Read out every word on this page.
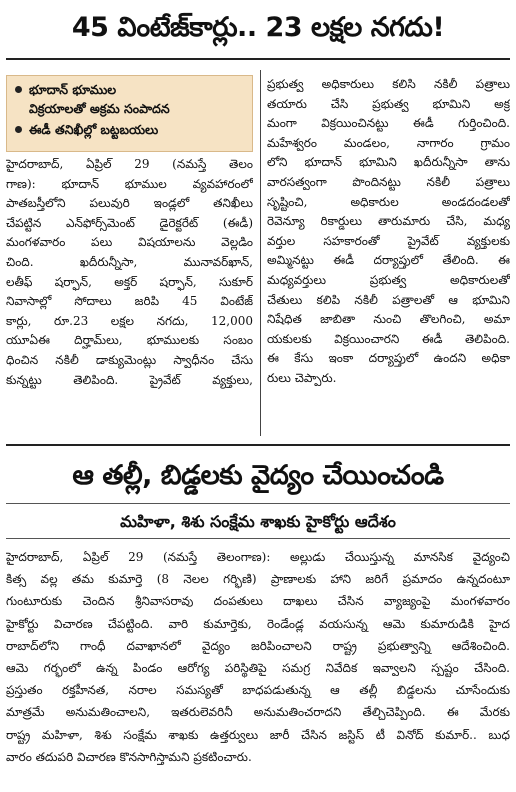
45 వింటేజ్‌కార్లు.. 23 లక్షల నగదు!
భూదాన్ భూముల
విక్రయాలతో అక్రమ సంపాదన
ఈడీ తనిఖీల్లో బట్టబయలు
హైదరాబాద్, ఏప్రిల్ 29 (నమస్తే తెలం
గాణ): భూదాన్ భూముల వ్యవహారంలో
పాతబస్తీలోని పలువురి ఇండ్లలో తనిఖీలు
చేపట్టిన ఎన్‌ఫోర్స్‌మెంట్ డైరెక్టరేట్ (ఈడీ)
మంగళవారం పలు విషయాలను వెల్లడిం
చింది. ఖదీరున్నీసా, మునావర్‌ఖాన్,
లతీఫ్ షర్ఫాన్, అక్తర్ షర్ఫాన్, సుకూర్
నివాసాల్లో సోదాలు జరిపి 45 వింటేజ్
కార్లు, రూ.23 లక్షల నగదు, 12,000
యూఏఈ దిర్హామ్‌లు, భూములకు సంబం
ధించిన నకిలీ డాక్యుమెంట్లు స్వాధీనం చేసు
కున్నట్టు తెలిపింది. ప్రైవేట్ వ్యక్తులు,
ప్రభుత్వ అధికారులు కలిసి నకిలీ పత్రాలు
తయారు చేసి ప్రభుత్వ భూమిని అక్ర
మంగా విక్రయించినట్టు ఈడీ గుర్తించింది.
మహేశ్వరం మండలం, నాగారం గ్రామం
లోని భూదాన్ భూమిని ఖదీరున్నీసా తాను
వారసత్వంగా పొందినట్టు నకిలీ పత్రాలు
సృష్టించి, అధికారుల అండదండలతో
రెవెన్యూ రికార్డులు తారుమారు చేసి, మధ్య
వర్తుల సహకారంతో ప్రైవేట్ వ్యక్తులకు
అమ్మినట్టు ఈడీ దర్యాప్తులో తేలింది. ఈ
మధ్యవర్తులు ప్రభుత్వ అధికారులతో
చేతులు కలిపి నకిలీ పత్రాలతో ఆ భూమిని
నిషేధిత జాబితా నుంచి తొలగించి, అమా
యకులకు విక్రయించారని ఈడీ తెలిపింది.
ఈ కేసు ఇంకా దర్యాప్తులో ఉందని అధికా
రులు చెప్పారు.
ఆ తల్లీ, బిడ్డలకు వైద్యం చేయించండి
మహిళా, శిశు సంక్షేమ శాఖకు హైకోర్టు ఆదేశం
హైదరాబాద్, ఏప్రిల్ 29 (నమస్తే తెలంగాణ): అల్లుడు చేయిస్తున్న మానసిక వైద్యంచి
కిత్స వల్ల తమ కుమార్తె (8 నెలల గర్భిణి) ప్రాణాలకు హాని జరిగే ప్రమాదం ఉన్నదంటూ
గుంటూరుకు చెందిన శ్రీనివాసరావు దంపతులు దాఖలు చేసిన వ్యాజ్యంపై మంగళవారం
హైకోర్టు విచారణ చేపట్టింది. వారి కుమార్తెకు, రెండేండ్ల వయసున్న ఆమె కుమారుడికి హైద
రాబాద్‌లోని గాంధీ దవాఖానలో వైద్యం జరిపించాలని రాష్ట్ర ప్రభుత్వాన్ని ఆదేశించింది.
ఆమె గర్భంలో ఉన్న పిండం ఆరోగ్య పరిస్థితిపై సమగ్ర నివేదిక ఇవ్వాలని స్పష్టం చేసింది.
ప్రస్తుతం రక్తహీనత, నరాల సమస్యతో బాధపడుతున్న ఆ తల్లీ బిడ్డలను చూసేందుకు
మాత్రమే అనుమతించాలని, ఇతరులెవరినీ అనుమతించరాదని తేల్చిచెప్పింది. ఈ మేరకు
రాష్ట్ర మహిళా, శిశు సంక్షేమ శాఖకు ఉత్తర్వులు జారీ చేసిన జస్టిస్ టీ వినోద్ కుమార్.. బుధ
వారం తదుపరి విచారణ కొనసాగిస్తామని ప్రకటించారు.
